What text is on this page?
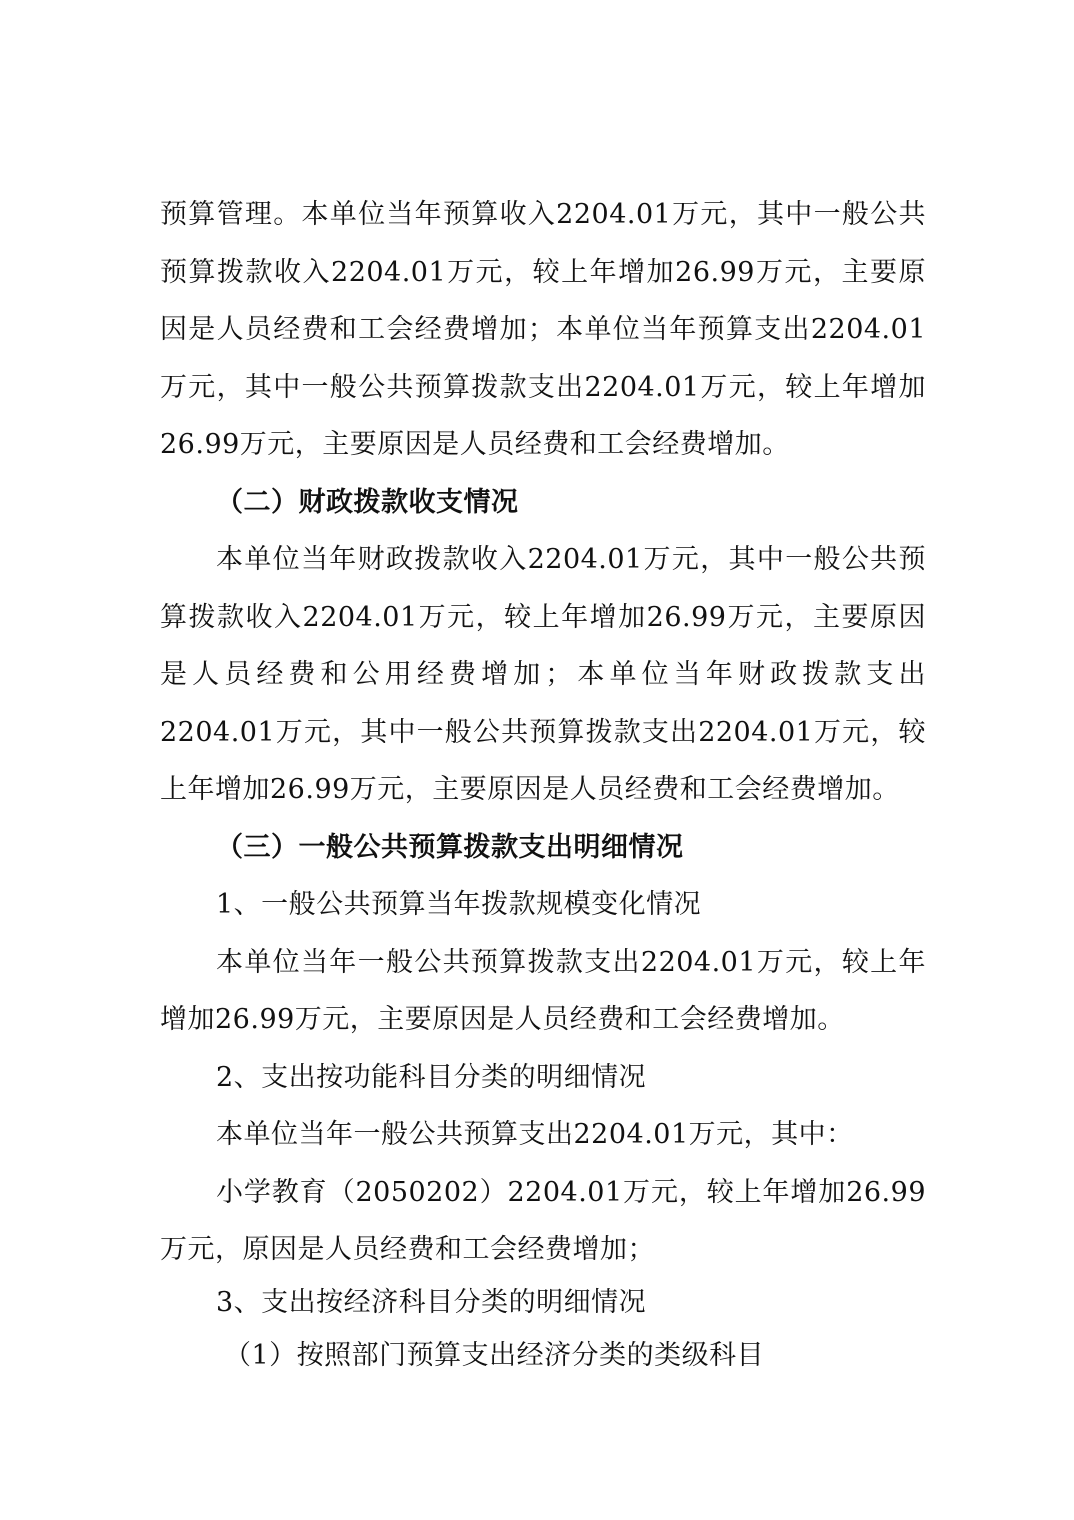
预算管理。本单位当年预算收入2204.01万元，其中一般公共预算拨款收入2204.01万元，较上年增加26.99万元，主要原因是人员经费和工会经费增加；本单位当年预算支出2204.01万元，其中一般公共预算拨款支出2204.01万元，较上年增加26.99万元，主要原因是人员经费和工会经费增加。

（二）财政拨款收支情况

本单位当年财政拨款收入2204.01万元，其中一般公共预算拨款收入2204.01万元，较上年增加26.99万元，主要原因是人员经费和公用经费增加；本单位当年财政拨款支出2204.01万元，其中一般公共预算拨款支出2204.01万元，较上年增加26.99万元，主要原因是人员经费和工会经费增加。

（三）一般公共预算拨款支出明细情况

1、一般公共预算当年拨款规模变化情况

本单位当年一般公共预算拨款支出2204.01万元，较上年增加26.99万元，主要原因是人员经费和工会经费增加。

2、支出按功能科目分类的明细情况

本单位当年一般公共预算支出2204.01万元，其中：

小学教育（2050202）2204.01万元，较上年增加26.99万元，原因是人员经费和工会经费增加；

3、支出按经济科目分类的明细情况

（1）按照部门预算支出经济分类的类级科目
